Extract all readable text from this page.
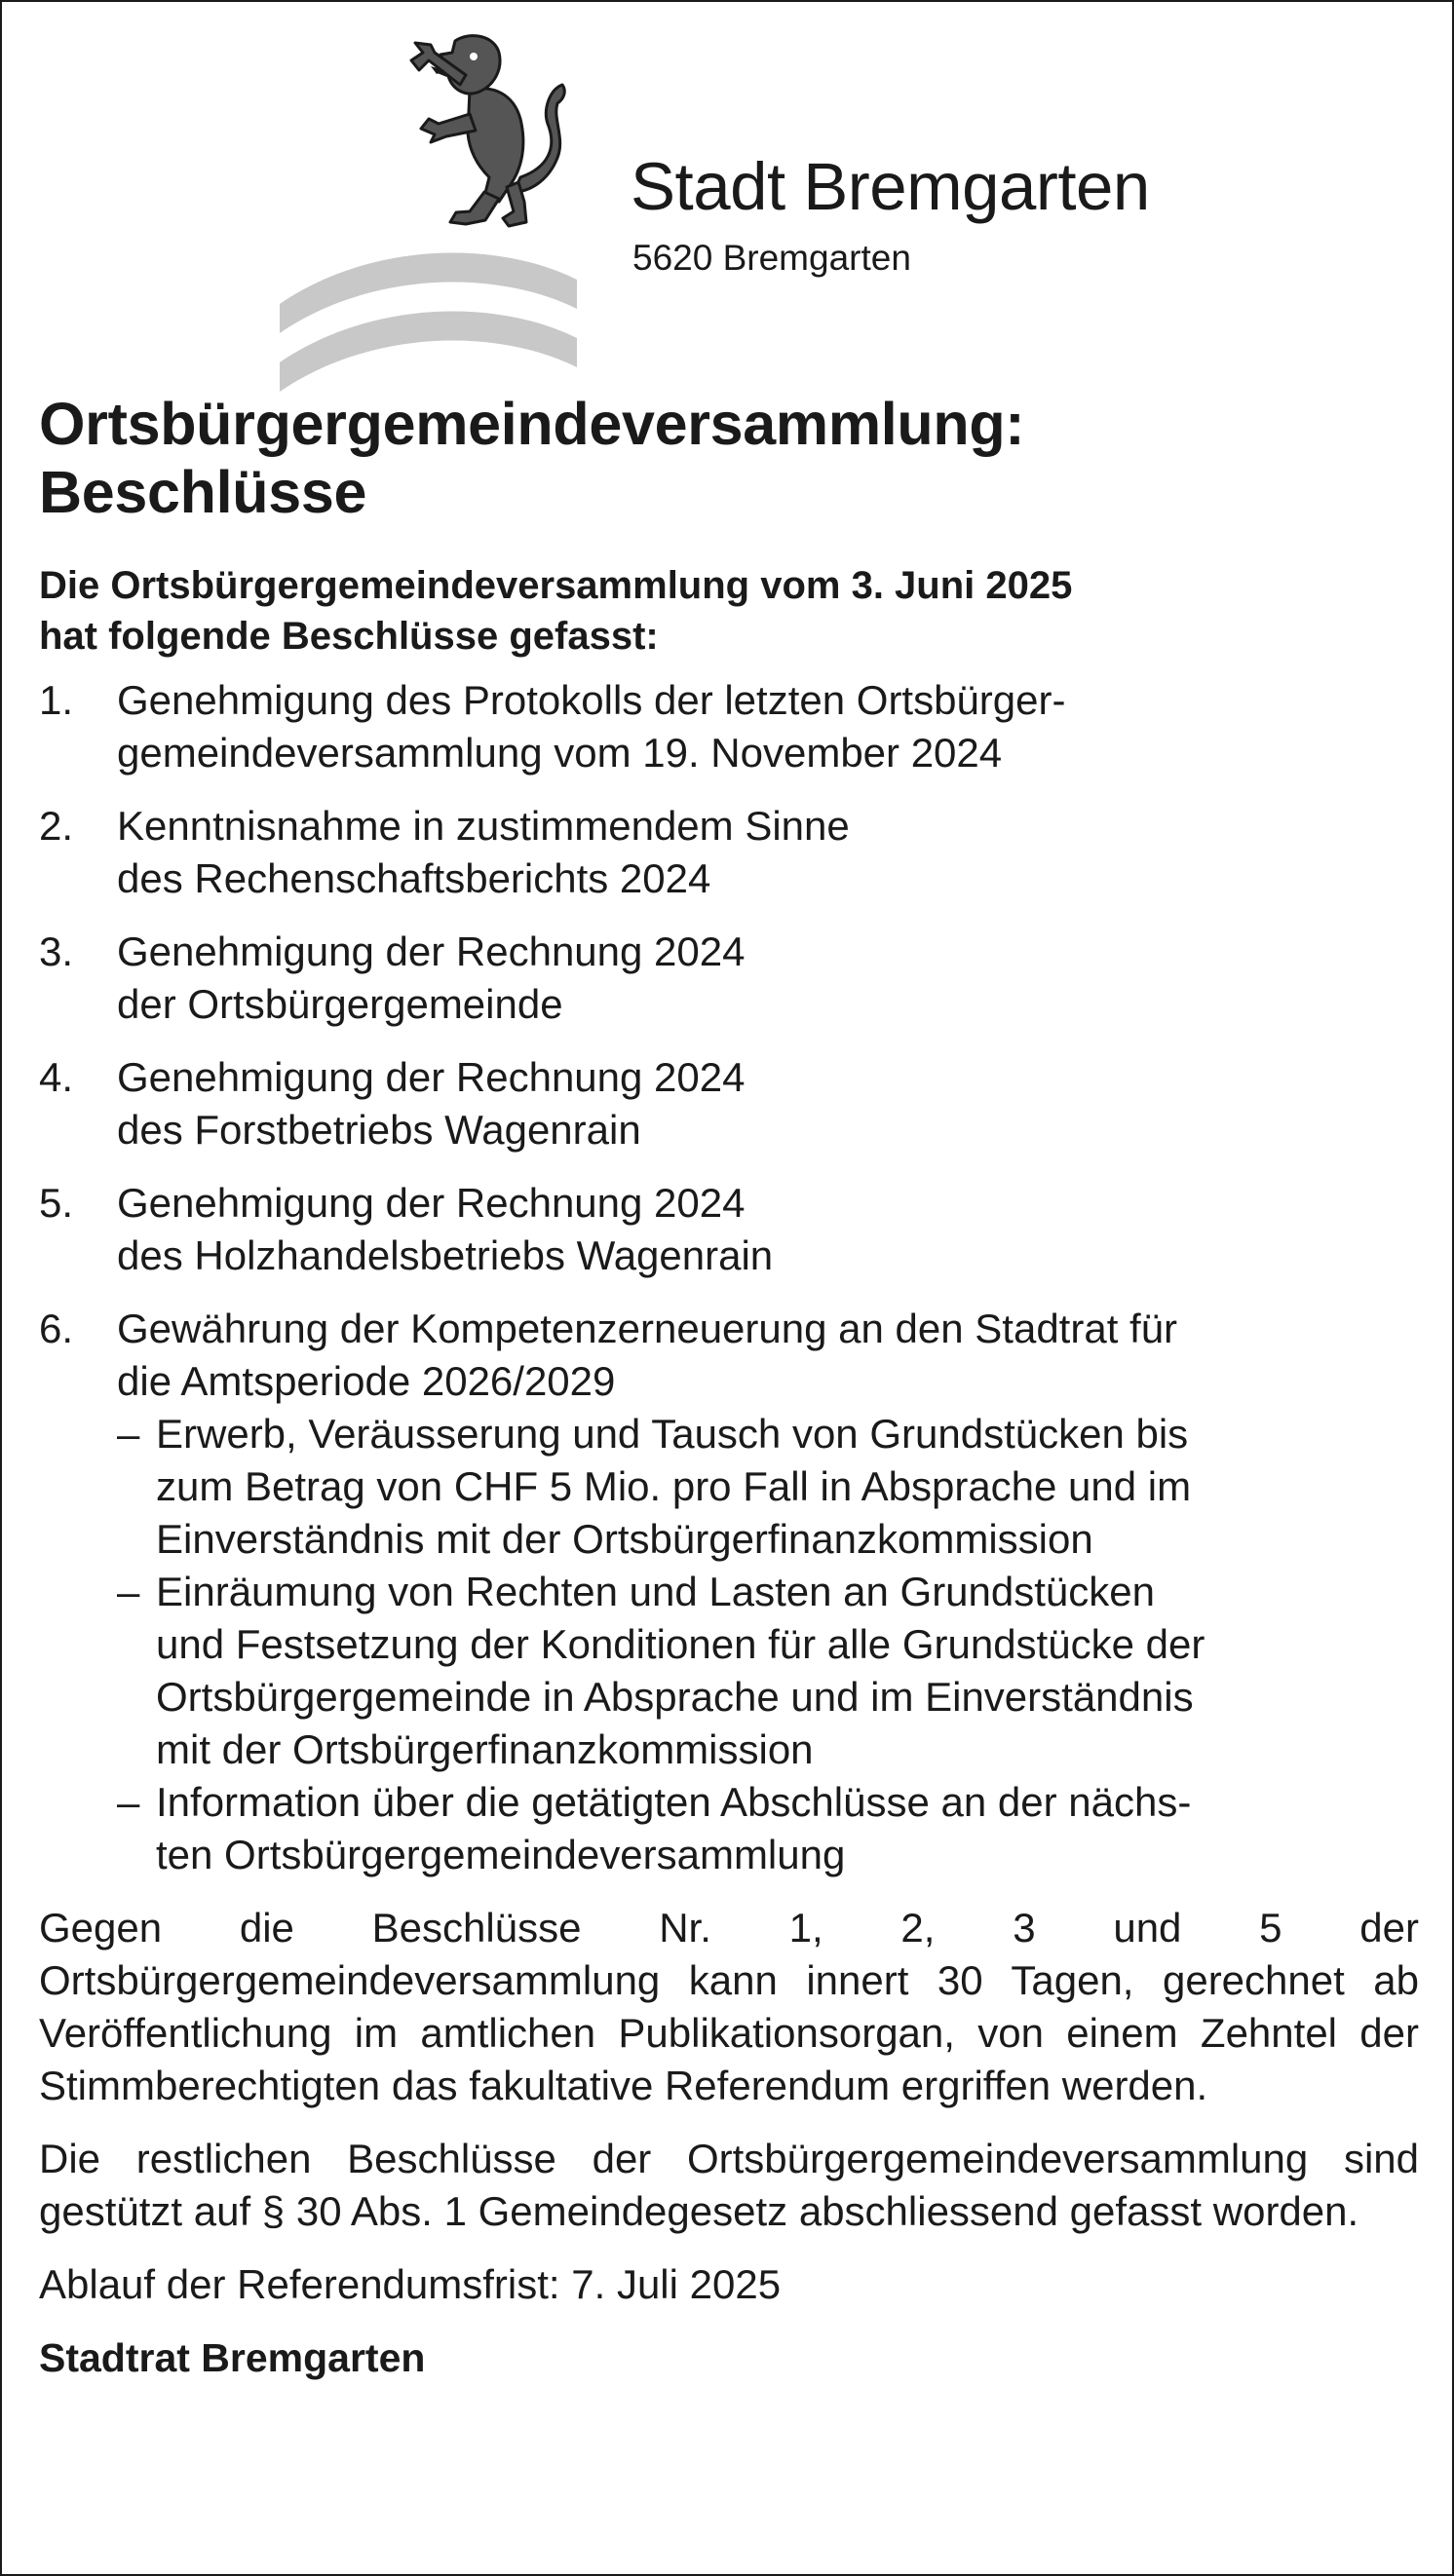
Stadt Bremgarten
5620 Bremgarten
Ortsbürgergemeindeversammlung:
Beschlüsse

Die Ortsbürgergemeindeversammlung vom 3. Juni 2025
hat folgende Beschlüsse gefasst:

1. Genehmigung des Protokolls der letzten Ortsbürger-
gemeindeversammlung vom 19. November 2024
2. Kenntnisnahme in zustimmendem Sinne
des Rechenschaftsberichts 2024
3. Genehmigung der Rechnung 2024
der Ortsbürgergemeinde
4. Genehmigung der Rechnung 2024
des Forstbetriebs Wagenrain
5. Genehmigung der Rechnung 2024
des Holzhandelsbetriebs Wagenrain
6. Gewährung der Kompetenzerneuerung an den Stadtrat für
die Amtsperiode 2026/2029
– Erwerb, Veräusserung und Tausch von Grundstücken bis
zum Betrag von CHF 5 Mio. pro Fall in Absprache und im
Einverständnis mit der Ortsbürgerfinanzkommission
– Einräumung von Rechten und Lasten an Grundstücken
und Festsetzung der Konditionen für alle Grundstücke der
Ortsbürgergemeinde in Absprache und im Einverständnis
mit der Ortsbürgerfinanzkommission
– Information über die getätigten Abschlüsse an der nächs-
ten Ortsbürgergemeindeversammlung

Gegen die Beschlüsse Nr. 1, 2, 3 und 5 der Ortsbürgergemeindeversammlung kann innert 30 Tagen, gerechnet ab Veröffentlichung im amtlichen Publikationsorgan, von einem Zehntel der Stimmberechtigten das fakultative Referendum ergriffen werden.

Die restlichen Beschlüsse der Ortsbürgergemeindeversammlung sind gestützt auf § 30 Abs. 1 Gemeindegesetz abschliessend gefasst worden.

Ablauf der Referendumsfrist: 7. Juli 2025

Stadtrat Bremgarten
